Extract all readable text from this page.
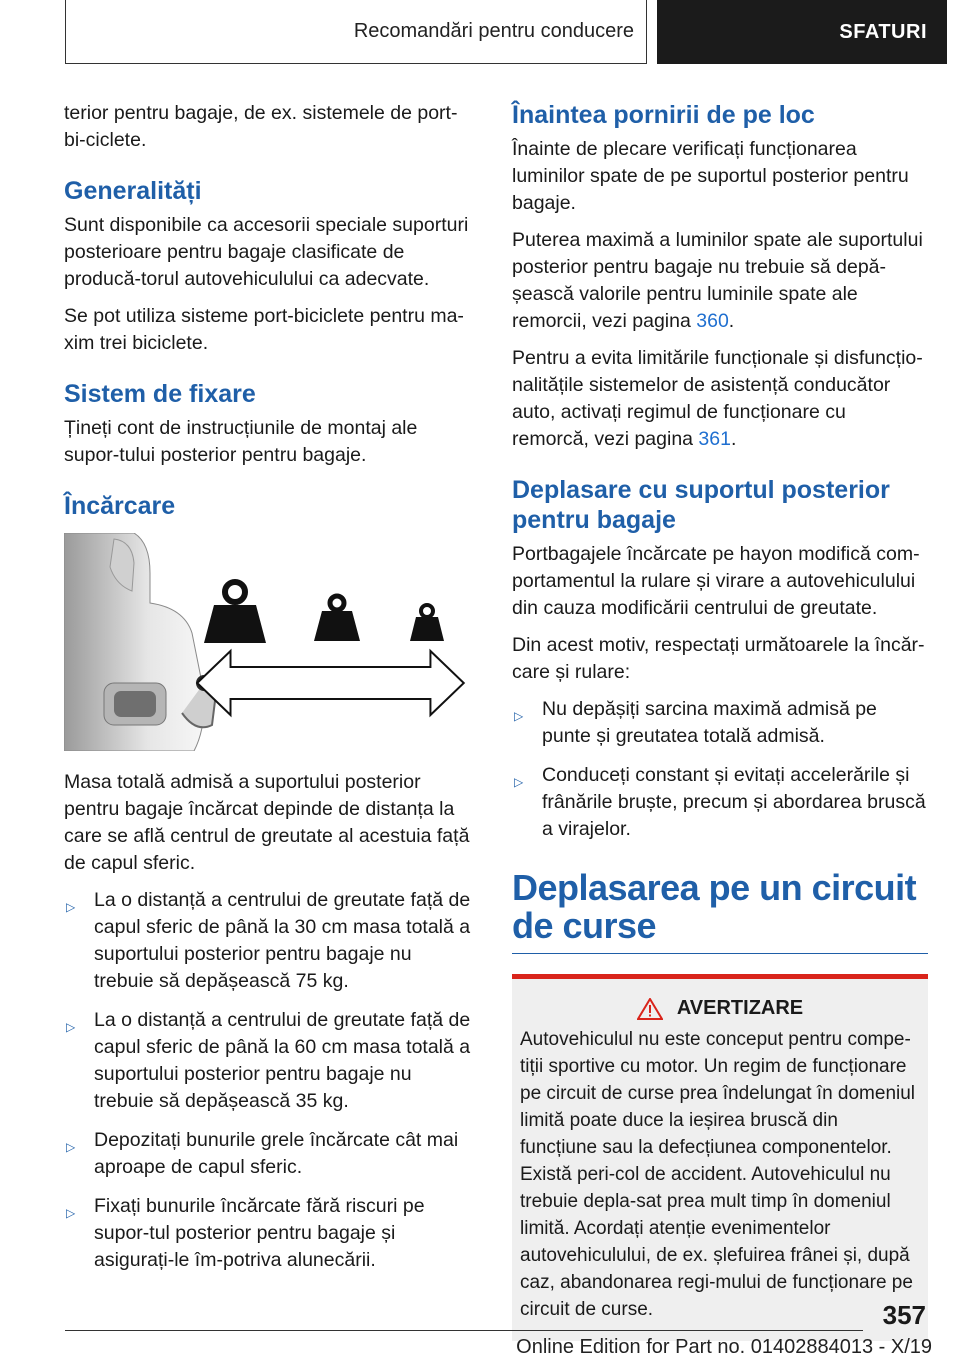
Recomandări pentru conducere	SFATURI

terior pentru bagaje, de ex. sistemele de port-bi-ciclete.

Generalități

Sunt disponibile ca accesorii speciale suporturi posterioare pentru bagaje clasificate de producă-torul autovehiculului ca adecvate.

Se pot utiliza sisteme port-biciclete pentru ma-xim trei biciclete.

Sistem de fixare

Țineți cont de instrucțiunile de montaj ale supor-tului posterior pentru bagaje.

Încărcare

Masa totală admisă a suportului posterior pentru bagaje încărcat depinde de distanța la care se află centrul de greutate al acestuia față de capul sferic.

▷ La o distanță a centrului de greutate față de capul sferic de până la 30 cm masa totală a suportului posterior pentru bagaje nu trebuie să depășească 75 kg.
▷ La o distanță a centrului de greutate față de capul sferic de până la 60 cm masa totală a suportului posterior pentru bagaje nu trebuie să depășească 35 kg.
▷ Depozitați bunurile grele încărcate cât mai aproape de capul sferic.
▷ Fixați bunurile încărcate fără riscuri pe supor-tul posterior pentru bagaje și asigurați-le îm-potriva alunecării.
Înaintea pornirii de pe loc

Înainte de plecare verificați funcționarea luminilor spate de pe suportul posterior pentru bagaje.

Puterea maximă a luminilor spate ale suportului posterior pentru bagaje nu trebuie să depă-șească valorile pentru luminile spate ale remorcii, vezi pagina 360.

Pentru a evita limitările funcționale și disfuncțio-nalitățile sistemelor de asistență conducător auto, activați regimul de funcționare cu remorcă, vezi pagina 361.

Deplasare cu suportul posterior pentru bagaje

Portbagajele încărcate pe hayon modifică com-portamentul la rulare și virare a autovehiculului din cauza modificării centrului de greutate.

Din acest motiv, respectați următoarele la încăr-care și rulare:

▷ Nu depășiți sarcina maximă admisă pe punte și greutatea totală admisă.
▷ Conduceți constant și evitați accelerările și frânările bruște, precum și abordarea bruscă a virajelor.
Deplasarea pe un circuit de curse
AVERTIZARE

Autovehiculul nu este conceput pentru compe-tiții sportive cu motor. Un regim de funcționare pe circuit de curse prea îndelungat în domeniul limită poate duce la ieșirea bruscă din funcțiune sau la defecțiunea componentelor. Există peri-col de accident. Autovehiculul nu trebuie depla-sat prea mult timp în domeniul limită. Acordați atenție evenimentelor autovehiculului, de ex. șlefuirea frânei și, după caz, abandonarea regi-mului de funcționare pe circuit de curse.	357
Online Edition for Part no. 01402884013 - X/19
